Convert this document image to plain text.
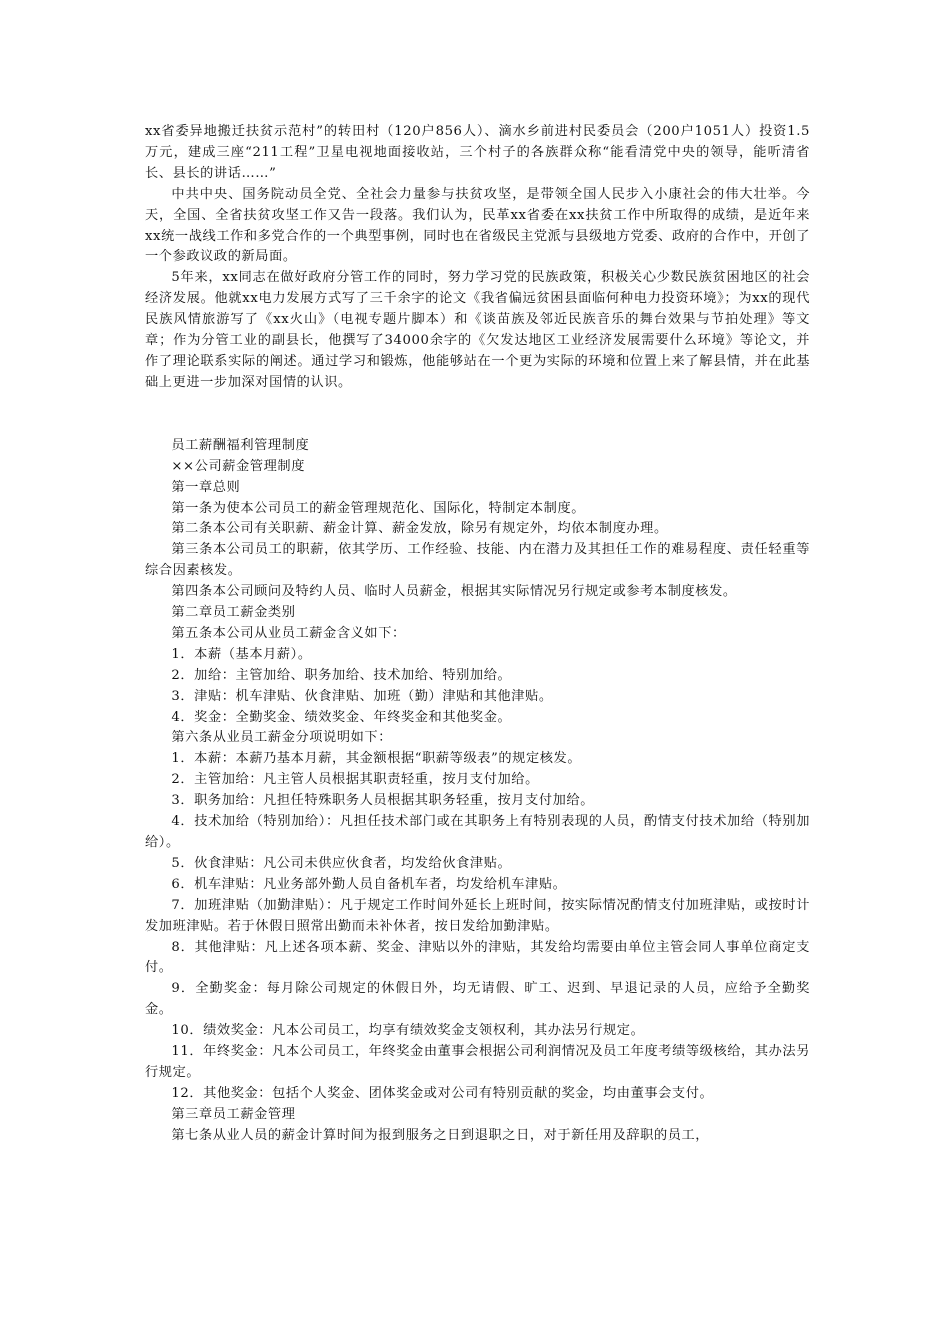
xx省委异地搬迁扶贫示范村”的转田村（120户856人）、滴水乡前进村民委员会（200户1051人）投资1.5万元，建成三座“211工程”卫星电视地面接收站，三个村子的各族群众称“能看清党中央的领导，能听清省长、县长的讲话……”

中共中央、国务院动员全党、全社会力量参与扶贫攻坚，是带领全国人民步入小康社会的伟大壮举。今天，全国、全省扶贫攻坚工作又告一段落。我们认为，民革xx省委在xx扶贫工作中所取得的成绩，是近年来xx统一战线工作和多党合作的一个典型事例，同时也在省级民主党派与县级地方党委、政府的合作中，开创了一个参政议政的新局面。

5年来，xx同志在做好政府分管工作的同时，努力学习党的民族政策，积极关心少数民族贫困地区的社会经济发展。他就xx电力发展方式写了三千余字的论文《我省偏远贫困县面临何种电力投资环境》；为xx的现代民族风情旅游写了《xx火山》（电视专题片脚本）和《谈苗族及邻近民族音乐的舞台效果与节拍处理》等文章；作为分管工业的副县长，他撰写了34000余字的《欠发达地区工业经济发展需要什么环境》等论文，并作了理论联系实际的阐述。通过学习和锻炼，他能够站在一个更为实际的环境和位置上来了解县情，并在此基础上更进一步加深对国情的认识。

员工薪酬福利管理制度

××公司薪金管理制度

第一章总则

第一条为使本公司员工的薪金管理规范化、国际化，特制定本制度。

第二条本公司有关职薪、薪金计算、薪金发放，除另有规定外，均依本制度办理。

第三条本公司员工的职薪，依其学历、工作经验、技能、内在潜力及其担任工作的难易程度、责任轻重等综合因素核发。

第四条本公司顾问及特约人员、临时人员薪金，根据其实际情况另行规定或参考本制度核发。

第二章员工薪金类别

第五条本公司从业员工薪金含义如下：

1．本薪（基本月薪）。

2．加给：主管加给、职务加给、技术加给、特别加给。

3．津贴：机车津贴、伙食津贴、加班（勤）津贴和其他津贴。

4．奖金：全勤奖金、绩效奖金、年终奖金和其他奖金。

第六条从业员工薪金分项说明如下：

1．本薪：本薪乃基本月薪，其金额根据“职薪等级表”的规定核发。

2．主管加给：凡主管人员根据其职责轻重，按月支付加给。

3．职务加给：凡担任特殊职务人员根据其职务轻重，按月支付加给。

4．技术加给（特别加给）：凡担任技术部门或在其职务上有特别表现的人员，酌情支付技术加给（特别加给）。

5．伙食津贴：凡公司未供应伙食者，均发给伙食津贴。

6．机车津贴：凡业务部外勤人员自备机车者，均发给机车津贴。

7．加班津贴（加勤津贴）：凡于规定工作时间外延长上班时间，按实际情况酌情支付加班津贴，或按时计发加班津贴。若于休假日照常出勤而未补休者，按日发给加勤津贴。

8．其他津贴：凡上述各项本薪、奖金、津贴以外的津贴，其发给均需要由单位主管会同人事单位商定支付。

9．全勤奖金：每月除公司规定的休假日外，均无请假、旷工、迟到、早退记录的人员，应给予全勤奖金。

10．绩效奖金：凡本公司员工，均享有绩效奖金支领权利，其办法另行规定。

11．年终奖金：凡本公司员工，年终奖金由董事会根据公司利润情况及员工年度考绩等级核给，其办法另行规定。

12．其他奖金：包括个人奖金、团体奖金或对公司有特别贡献的奖金，均由董事会支付。

第三章员工薪金管理

第七条从业人员的薪金计算时间为报到服务之日到退职之日，对于新任用及辞职的员工，
